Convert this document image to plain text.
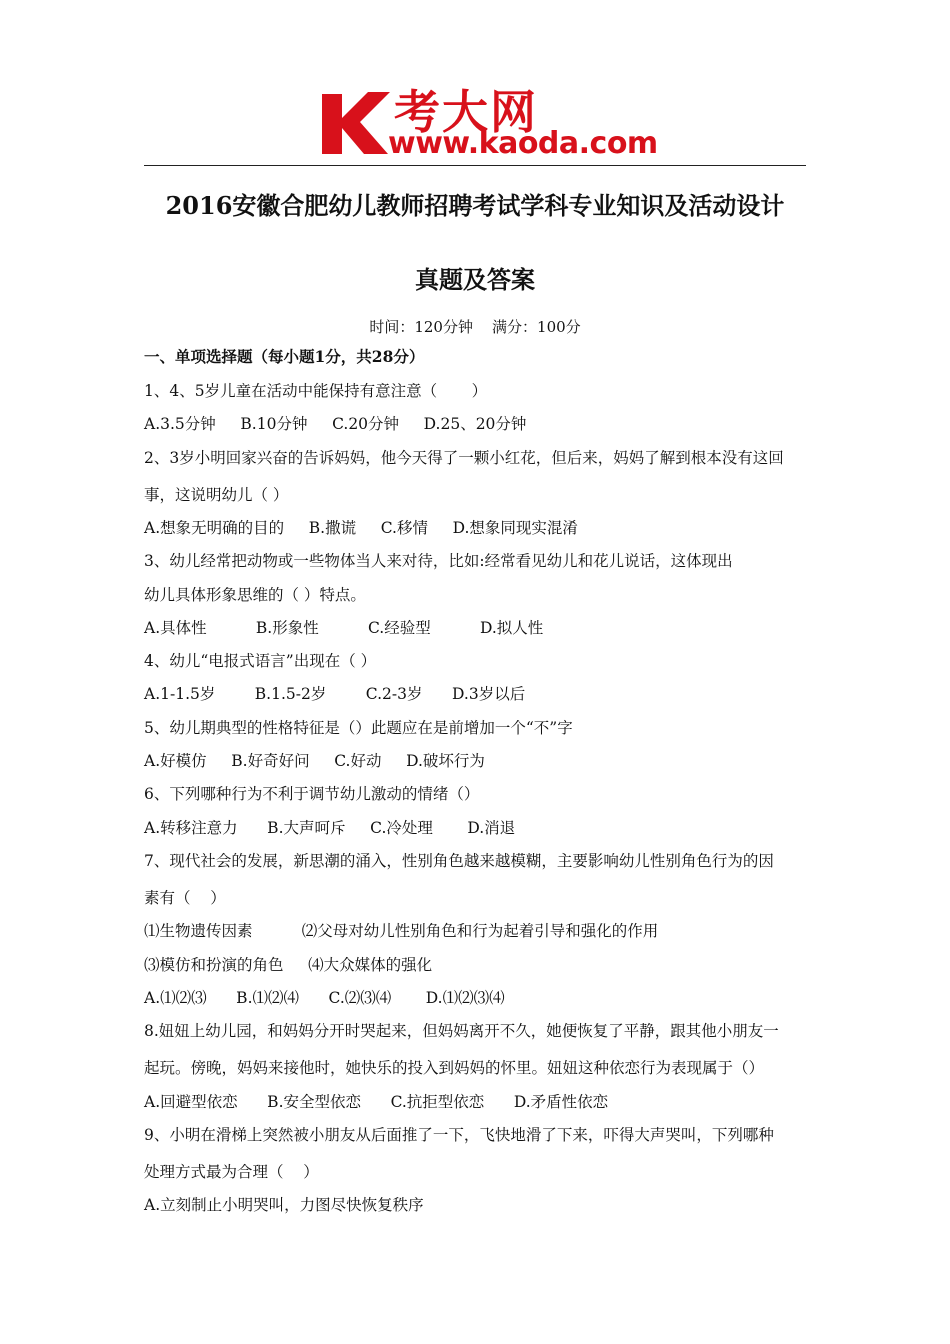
考大网
www.kaoda.com
2016安徽合肥幼儿教师招聘考试学科专业知识及活动设计
真题及答案
时间：120分钟    满分：100分
一、单项选择题（每小题1分，共28分）
1、4、5岁儿童在活动中能保持有意注意（       ）
A.3.5分钟     B.10分钟     C.20分钟     D.25、20分钟
2、3岁小明回家兴奋的告诉妈妈，他今天得了一颗小红花，但后来，妈妈了解到根本没有这回
事，这说明幼儿（ ）
A.想象无明确的目的     B.撒谎     C.移情     D.想象同现实混淆
3、幼儿经常把动物或一些物体当人来对待，比如:经常看见幼儿和花儿说话，这体现出
幼儿具体形象思维的（ ）特点。
A.具体性          B.形象性          C.经验型          D.拟人性
4、幼儿“电报式语言”出现在（ ）
A.1-1.5岁        B.1.5-2岁        C.2-3岁      D.3岁以后
5、幼儿期典型的性格特征是（）此题应在是前增加一个“不”字
A.好模仿     B.好奇好问     C.好动     D.破坏行为
6、下列哪种行为不利于调节幼儿激动的情绪（）
A.转移注意力      B.大声呵斥     C.冷处理       D.消退
7、现代社会的发展，新思潮的涌入，性别角色越来越模糊，主要影响幼儿性别角色行为的因
素有（    ）
⑴生物遗传因素          ⑵父母对幼儿性别角色和行为起着引导和强化的作用
⑶模仿和扮演的角色     ⑷大众媒体的强化
A.⑴⑵⑶      B.⑴⑵⑷      C.⑵⑶⑷       D.⑴⑵⑶⑷
8.妞妞上幼儿园，和妈妈分开时哭起来，但妈妈离开不久，她便恢复了平静，跟其他小朋友一
起玩。傍晚，妈妈来接他时，她快乐的投入到妈妈的怀里。妞妞这种依恋行为表现属于（）
A.回避型依恋      B.安全型依恋      C.抗拒型依恋      D.矛盾性依恋
9、小明在滑梯上突然被小朋友从后面推了一下，飞快地滑了下来，吓得大声哭叫，下列哪种
处理方式最为合理（    ）
A.立刻制止小明哭叫，力图尽快恢复秩序
